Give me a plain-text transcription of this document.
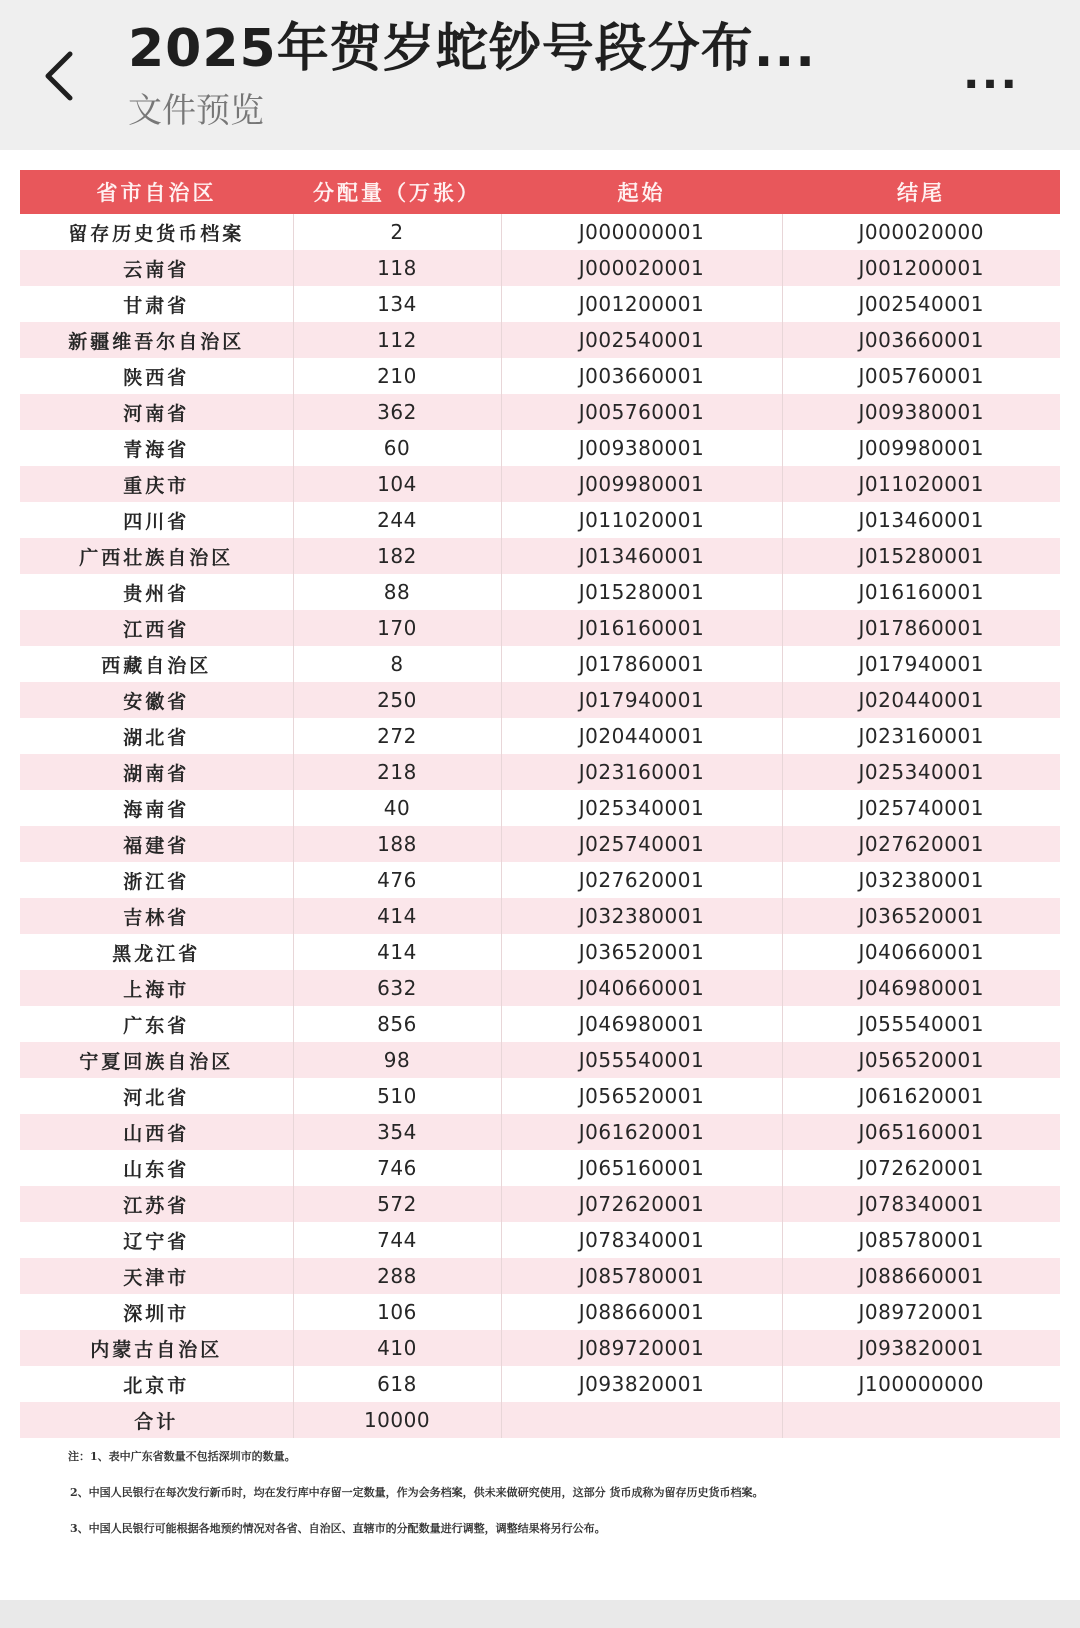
2025年贺岁蛇钞号段分布...
文件预览
...
省市自治区	分配量（万张）	起始	结尾
留存历史货币档案	2	J000000001	J000020000
云南省	118	J000020001	J001200001
甘肃省	134	J001200001	J002540001
新疆维吾尔自治区	112	J002540001	J003660001
陕西省	210	J003660001	J005760001
河南省	362	J005760001	J009380001
青海省	60	J009380001	J009980001
重庆市	104	J009980001	J011020001
四川省	244	J011020001	J013460001
广西壮族自治区	182	J013460001	J015280001
贵州省	88	J015280001	J016160001
江西省	170	J016160001	J017860001
西藏自治区	8	J017860001	J017940001
安徽省	250	J017940001	J020440001
湖北省	272	J020440001	J023160001
湖南省	218	J023160001	J025340001
海南省	40	J025340001	J025740001
福建省	188	J025740001	J027620001
浙江省	476	J027620001	J032380001
吉林省	414	J032380001	J036520001
黑龙江省	414	J036520001	J040660001
上海市	632	J040660001	J046980001
广东省	856	J046980001	J055540001
宁夏回族自治区	98	J055540001	J056520001
河北省	510	J056520001	J061620001
山西省	354	J061620001	J065160001
山东省	746	J065160001	J072620001
江苏省	572	J072620001	J078340001
辽宁省	744	J078340001	J085780001
天津市	288	J085780001	J088660001
深圳市	106	J088660001	J089720001
内蒙古自治区	410	J089720001	J093820001
北京市	618	J093820001	J100000000
合计	10000		
注：1、表中广东省数量不包括深圳市的数量。			
2、中国人民银行在每次发行新币时，均在发行库中存留一定数量，作为会务档案，供未来做研究使用，这部分 货币成称为留存历史货币档案。			
3、中国人民银行可能根据各地预约情况对各省、自治区、直辖市的分配数量进行调整，调整结果将另行公布。			
